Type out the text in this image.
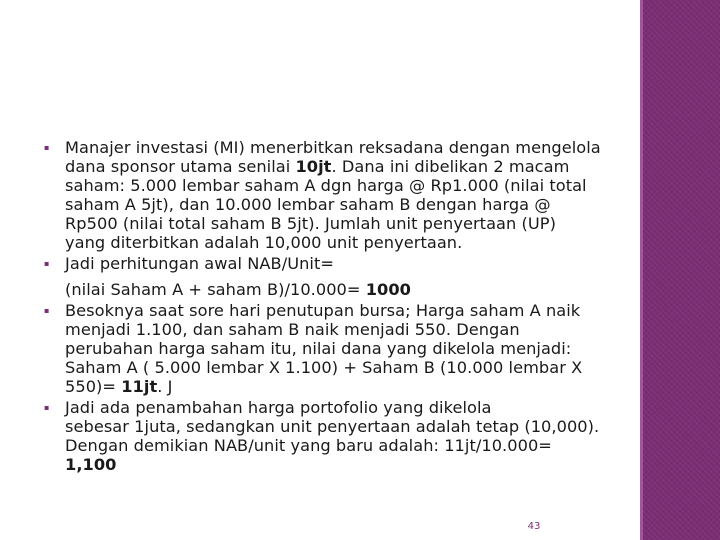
▪ Manajer investasi (MI) menerbitkan reksadana dengan mengelola
dana sponsor utama senilai 10jt. Dana ini dibelikan 2 macam
saham: 5.000 lembar saham A dgn harga @ Rp1.000 (nilai total
saham A 5jt), dan 10.000 lembar saham B dengan harga @
Rp500 (nilai total saham B 5jt). Jumlah unit penyertaan (UP)
yang diterbitkan adalah 10,000 unit penyertaan.
▪ Jadi perhitungan awal NAB/Unit=
(nilai Saham A + saham B)/10.000= 1000
▪ Besoknya saat sore hari penutupan bursa; Harga saham A naik
menjadi 1.100, dan saham B naik menjadi 550. Dengan
perubahan harga saham itu, nilai dana yang dikelola menjadi:
Saham A ( 5.000 lembar X 1.100) + Saham B (10.000 lembar X
550)= 11jt. J
▪ Jadi ada penambahan harga portofolio yang dikelola
sebesar 1juta, sedangkan unit penyertaan adalah tetap (10,000).
Dengan demikian NAB/unit yang baru adalah: 11jt/10.000=
1,100
43
